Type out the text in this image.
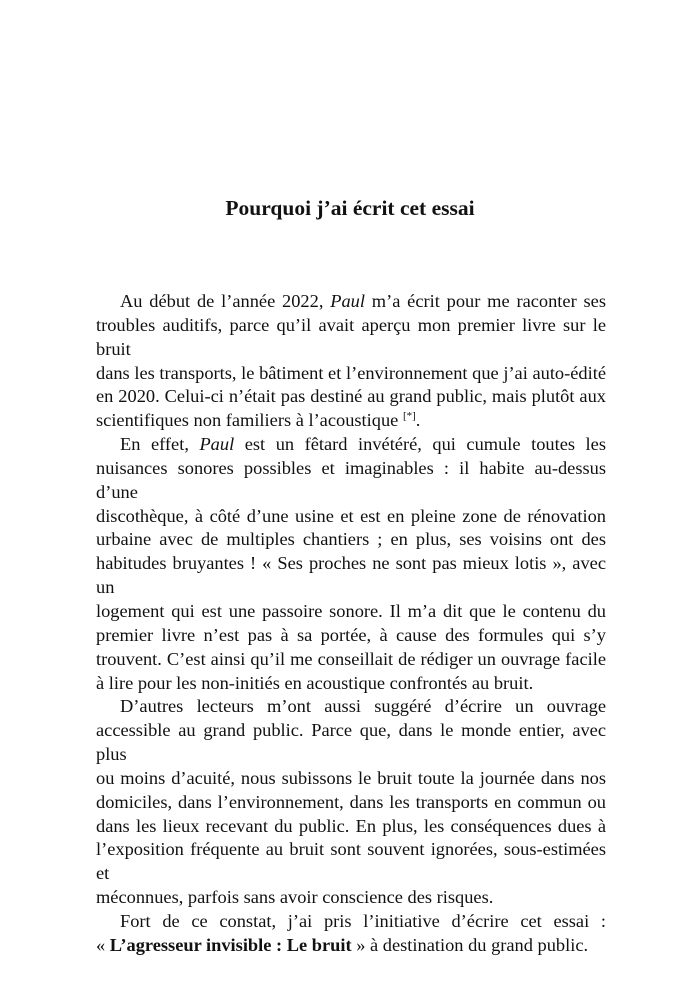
Pourquoi j’ai écrit cet essai
Au début de l’année 2022, Paul m’a écrit pour me raconter ses
troubles auditifs, parce qu’il avait aperçu mon premier livre sur le bruit
dans les transports, le bâtiment et l’environnement que j’ai auto-édité
en 2020. Celui-ci n’était pas destiné au grand public, mais plutôt aux
scientifiques non familiers à l’acoustique [*].
En effet, Paul est un fêtard invétéré, qui cumule toutes les
nuisances sonores possibles et imaginables : il habite au-dessus d’une
discothèque, à côté d’une usine et est en pleine zone de rénovation
urbaine avec de multiples chantiers ; en plus, ses voisins ont des
habitudes bruyantes ! « Ses proches ne sont pas mieux lotis », avec un
logement qui est une passoire sonore. Il m’a dit que le contenu du
premier livre n’est pas à sa portée, à cause des formules qui s’y
trouvent. C’est ainsi qu’il me conseillait de rédiger un ouvrage facile
à lire pour les non-initiés en acoustique confrontés au bruit.
D’autres lecteurs m’ont aussi suggéré d’écrire un ouvrage
accessible au grand public. Parce que, dans le monde entier, avec plus
ou moins d’acuité, nous subissons le bruit toute la journée dans nos
domiciles, dans l’environnement, dans les transports en commun ou
dans les lieux recevant du public. En plus, les conséquences dues à
l’exposition fréquente au bruit sont souvent ignorées, sous-estimées et
méconnues, parfois sans avoir conscience des risques.
Fort de ce constat, j’ai pris l’initiative d’écrire cet essai :
« L’agresseur invisible : Le bruit » à destination du grand public.
